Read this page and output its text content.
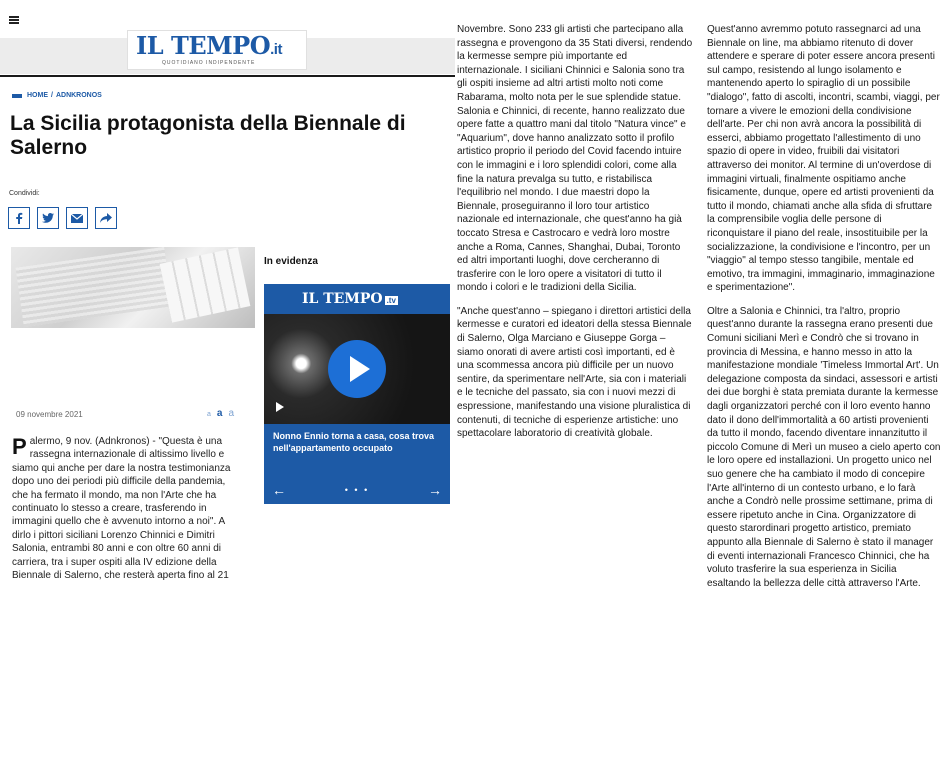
IL TEMPO.it
QUOTIDIANO INDIPENDENTE
HOME / ADNKRONOS
La Sicilia protagonista della Biennale di Salerno
Condividi:
09 novembre 2021	a a a
Palermo, 9 nov. (Adnkronos) - "Questa è una rassegna internazionale di altissimo livello e siamo qui anche per dare la nostra testimonianza dopo uno dei periodi più difficile della pandemia, che ha fermato il mondo, ma non l'Arte che ha continuato lo stesso a creare, trasferendo in immagini quello che è avvenuto intorno a noi". A dirlo i pittori siciliani Lorenzo Chinnici e Dimitri Salonia, entrambi 80 anni e con oltre 60 anni di carriera, tra i super ospiti alla IV edizione della Biennale di Salerno, che resterà aperta fino al 21
In evidenza
IL TEMPO .tv
Nonno Ennio torna a casa, cosa trova nell'appartamento occupato
←	• • •	→

Novembre. Sono 233 gli artisti che partecipano alla rassegna e provengono da 35 Stati diversi, rendendo la kermesse sempre più importante ed internazionale. I siciliani Chinnici e Salonia sono tra gli ospiti insieme ad altri artisti molto noti come Rabarama, molto nota per le sue splendide statue. Salonia e Chinnici, di recente, hanno realizzato due opere fatte a quattro mani dal titolo "Natura vince" e "Aquarium", dove hanno analizzato sotto il profilo artistico proprio il periodo del Covid facendo intuire con le immagini e i loro splendidi colori, come alla fine la natura prevalga su tutto, e ristabilisca l'equilibrio nel mondo. I due maestri dopo la Biennale, proseguiranno il loro tour artistico nazionale ed internazionale, che quest'anno ha già toccato Stresa e Castrocaro e vedrà loro mostre anche a Roma, Cannes, Shanghai, Dubai, Toronto ed altri importanti luoghi, dove cercheranno di trasferire con le loro opere a visitatori di tutto il mondo i colori e le tradizioni della Sicilia.

"Anche quest'anno – spiegano i direttori artistici della kermesse e curatori ed ideatori della stessa Biennale di Salerno, Olga Marciano e Giuseppe Gorga – siamo onorati di avere artisti così importanti, ed è una scommessa ancora più difficile per un nuovo sentire, da sperimentare nell'Arte, sia con i materiali e le tecniche del passato, sia con i nuovi mezzi di espressione, manifestando una visione pluralistica di contenuti, di tecniche di esperienze artistiche: uno spettacolare laboratorio di creatività globale.

Quest'anno avremmo potuto rassegnarci ad una Biennale on line, ma abbiamo ritenuto di dover attendere e sperare di poter essere ancora presenti sul campo, resistendo al lungo isolamento e mantenendo aperto lo spiraglio di un possibile "dialogo", fatto di ascolti, incontri, scambi, viaggi, per tornare a vivere le emozioni della condivisione dell'arte. Per chi non avrà ancora la possibilità di esserci, abbiamo progettato l'allestimento di uno spazio di opere in video, fruibili dai visitatori attraverso dei monitor. Al termine di un'overdose di immagini virtuali, finalmente ospitiamo anche fisicamente, dunque, opere ed artisti provenienti da tutto il mondo, chiamati anche alla sfida di sfruttare la comprensibile voglia delle persone di riconquistare il piano del reale, insostituibile per la socializzazione, la condivisione e l'incontro, per un "viaggio" al tempo stesso tangibile, mentale ed emotivo, tra immagini, immaginario, immaginazione e sperimentazione".

Oltre a Salonia e Chinnici, tra l'altro, proprio quest'anno durante la rassegna erano presenti due Comuni siciliani Merì e Condrò che si trovano in provincia di Messina, e hanno messo in atto la manifestazione mondiale 'Timeless Immortal Art'. Un delegazione composta da sindaci, assessori e artisti dei due borghi è stata premiata durante la kermesse dagli organizzatori perché con il loro evento hanno dato il dono dell'immortalità a 60 artisti provenienti da tutto il mondo, facendo diventare innanzitutto il piccolo Comune di Merì un museo a cielo aperto con le loro opere ed installazioni. Un progetto unico nel suo genere che ha cambiato il modo di concepire l'Arte all'interno di un contesto urbano, e lo farà anche a Condrò nelle prossime settimane, prima di essere ripetuto anche in Cina. Organizzatore di questo starordinari progetto artistico, premiato appunto alla Biennale di Salerno è stato il manager di eventi internazionali Francesco Chinnici, che ha voluto trasferire la sua esperienza in Sicilia esaltando la bellezza delle città attraverso l'Arte.
